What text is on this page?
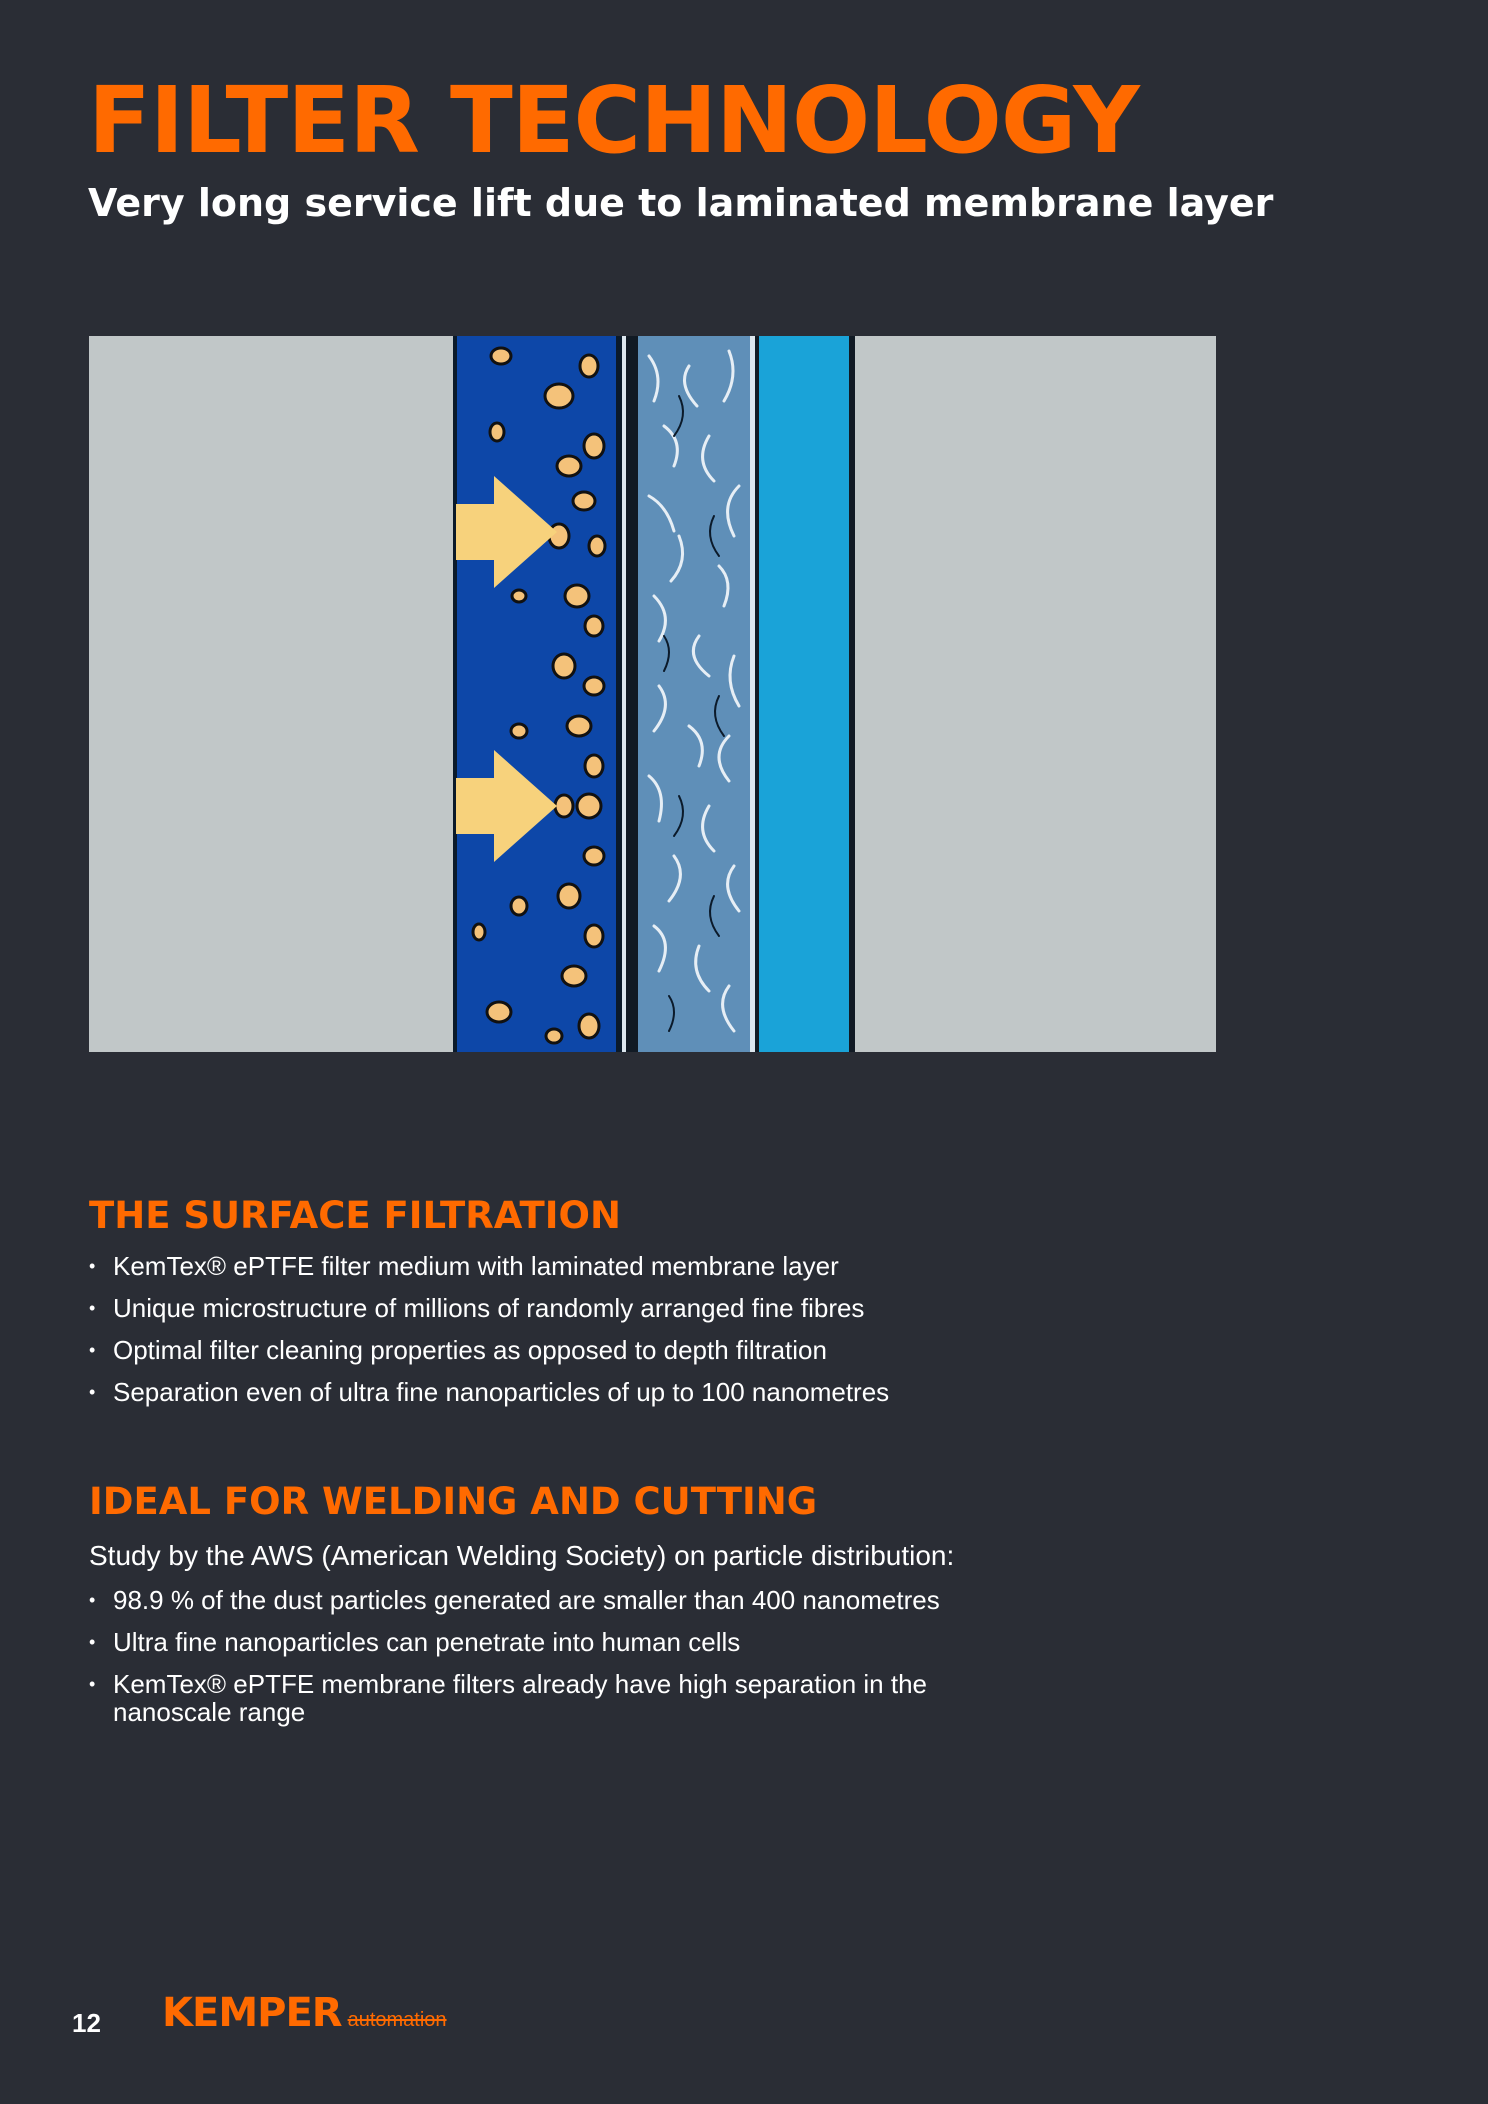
FILTER TECHNOLOGY
Very long service lift due to laminated membrane layer
THE SURFACE FILTRATION
• KemTex® ePTFE filter medium with laminated membrane layer
• Unique microstructure of millions of randomly arranged fine fibres
• Optimal filter cleaning properties as opposed to depth filtration
• Separation even of ultra fine nanoparticles of up to 100 nanometres
IDEAL FOR WELDING AND CUTTING

Study by the AWS (American Welding Society) on particle distribution:

• 98.9 % of the dust particles generated are smaller than 400 nanometres
• Ultra fine nanoparticles can penetrate into human cells
• KemTex® ePTFE membrane filters already have high separation in the nanoscale range
12 KEMPER automation
